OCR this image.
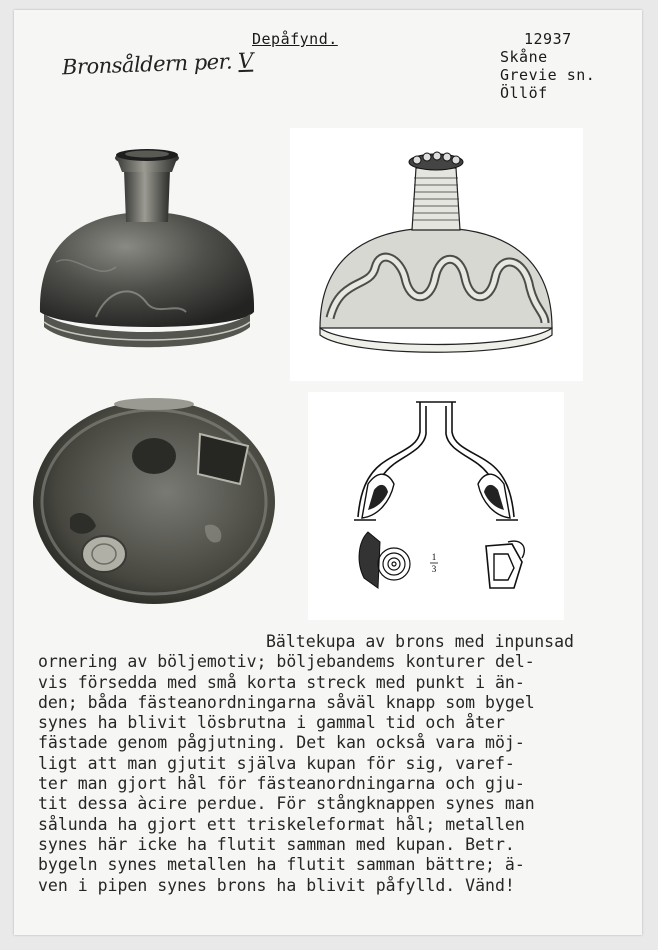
Depåfynd.
Bronsåldern per. V
12937
Skåne
Grevie sn.
Öllöf
1
3
Bältekupa av brons med inpunsad
ornering av böljemotiv; böljebandems konturer del-
vis försedda med små korta streck med punkt i än-
den; båda fästeanordningarna såväl knapp som bygel
synes ha blivit lösbrutna i gammal tid och åter
fästade genom pågjutning. Det kan också vara möj-
ligt att man gjutit själva kupan för sig, varef-
ter man gjort hål för fästeanordningarna och gju-
tit dessa àcire perdue. För stångknappen synes man
sålunda ha gjort ett triskeleformat hål; metallen
synes här icke ha flutit samman med kupan. Betr.
bygeln synes metallen ha flutit samman bättre; ä-
ven i pipen synes brons ha blivit påfylld. Vänd!
